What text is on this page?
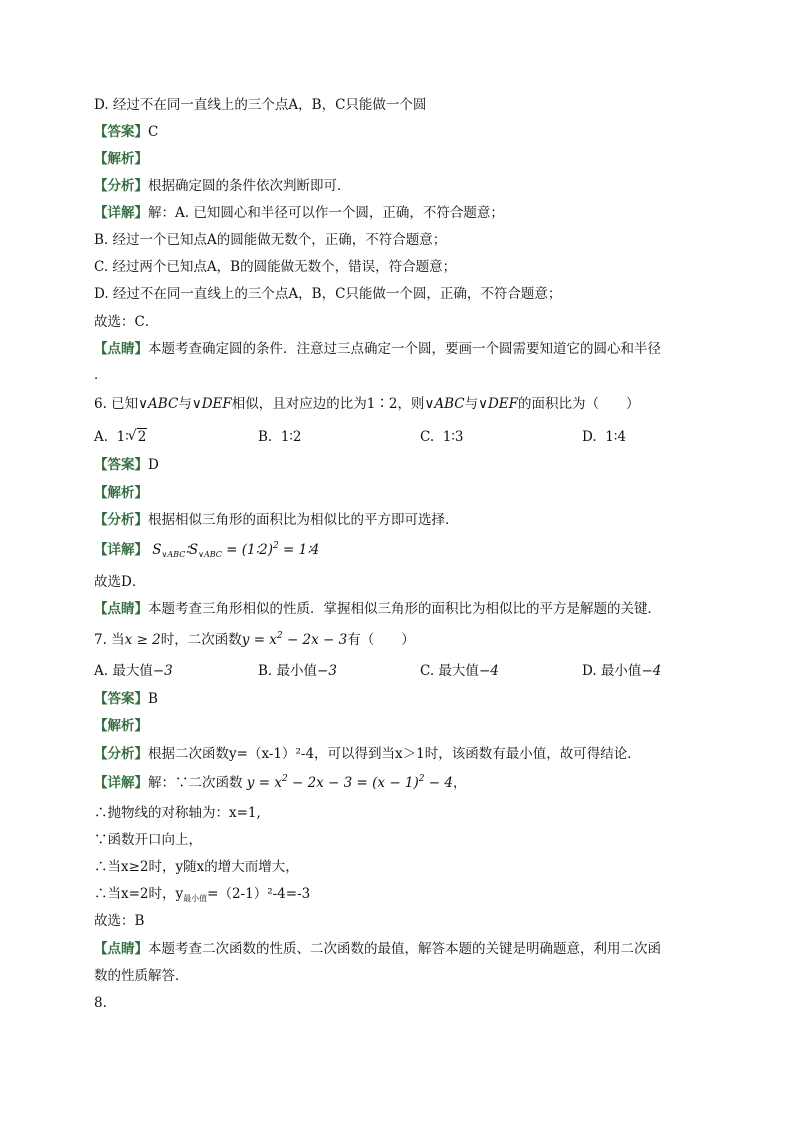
D. 经过不在同一直线上的三个点A，B，C只能做一个圆
【答案】C
【解析】
【分析】根据确定圆的条件依次判断即可．
【详解】解：A. 已知圆心和半径可以作一个圆，正确，不符合题意；
B. 经过一个已知点A的圆能做无数个，正确，不符合题意；
C. 经过两个已知点A，B的圆能做无数个，错误，符合题意；
D. 经过不在同一直线上的三个点A，B，C只能做一个圆，正确，不符合题意；
故选：C．
【点睛】本题考查确定圆的条件．注意过三点确定一个圆，要画一个圆需要知道它的圆心和半径
．
6. 已知∨ABC与∨DEF相似，且对应边的比为1∶2，则∨ABC与∨DEF的面积比为（　　）
A. 1∶√ 2	B. 1∶2	C. 1∶3	D. 1∶4
【答案】D
【解析】
【分析】根据相似三角形的面积比为相似比的平方即可选择．
【详解】 $S_{\vee ABC}∶S_{\vee ABC}$ = (1∶2)$^2$ = 1∶4
故选D．
【点睛】本题考查三角形相似的性质．掌握相似三角形的面积比为相似比的平方是解题的关键．
7. 当x ≥ 2时，二次函数$y = x^2 - 2x - 3$有（　　）
A. 最大值−3	B. 最小值−3	C. 最大值−4	D. 最小值−4
【答案】B
【解析】
【分析】根据二次函数y=（x-1）²-4，可以得到当x＞1时，该函数有最小值，故可得结论．
【详解】解：∵二次函数 $y = x^2 - 2x - 3 = (x - 1)^2 - 4$，
∴抛物线的对称轴为：x=1,
∵函数开口向上，
∴当x≥2时，y随x的增大而增大，
∴当x=2时，$y_{最小值}=(2-1)^2-4=-3$
故选：B
【点睛】本题考查二次函数的性质、二次函数的最值，解答本题的关键是明确题意，利用二次函
数的性质解答．
8.
